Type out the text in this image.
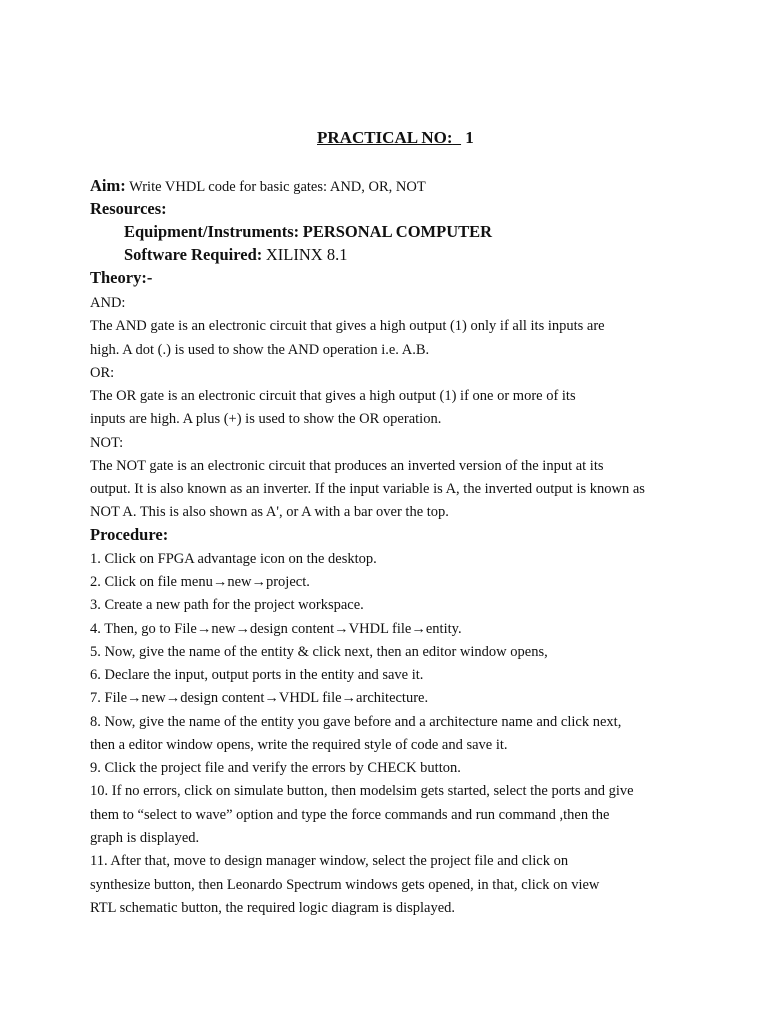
PRACTICAL NO: 1
Aim: Write VHDL code for basic gates: AND, OR, NOT
Resources:
Equipment/Instruments: PERSONAL COMPUTER
Software Required: XILINX 8.1
Theory:-
AND:
The AND gate is an electronic circuit that gives a high output (1) only if all its inputs are
high. A dot (.) is used to show the AND operation i.e. A.B.
OR:
The OR gate is an electronic circuit that gives a high output (1) if one or more of its
inputs are high. A plus (+) is used to show the OR operation.
NOT:
The NOT gate is an electronic circuit that produces an inverted version of the input at its
output. It is also known as an inverter. If the input variable is A, the inverted output is known as
NOT A. This is also shown as A', or A with a bar over the top.
Procedure:
1. Click on FPGA advantage icon on the desktop.
2. Click on file menu→new→project.
3. Create a new path for the project workspace.
4. Then, go to File→new→design content→VHDL file→entity.
5. Now, give the name of the entity & click next, then an editor window opens,
6. Declare the input, output ports in the entity and save it.
7. File→new→design content→VHDL file→architecture.
8. Now, give the name of the entity you gave before and a architecture name and click next,
then a editor window opens, write the required style of code and save it.
9. Click the project file and verify the errors by CHECK button.
10. If no errors, click on simulate button, then modelsim gets started, select the ports and give
them to “select to wave” option and type the force commands and run command ,then the
graph is displayed.
11. After that, move to design manager window, select the project file and click on
synthesize button, then Leonardo Spectrum windows gets opened, in that, click on view
RTL schematic button, the required logic diagram is displayed.
